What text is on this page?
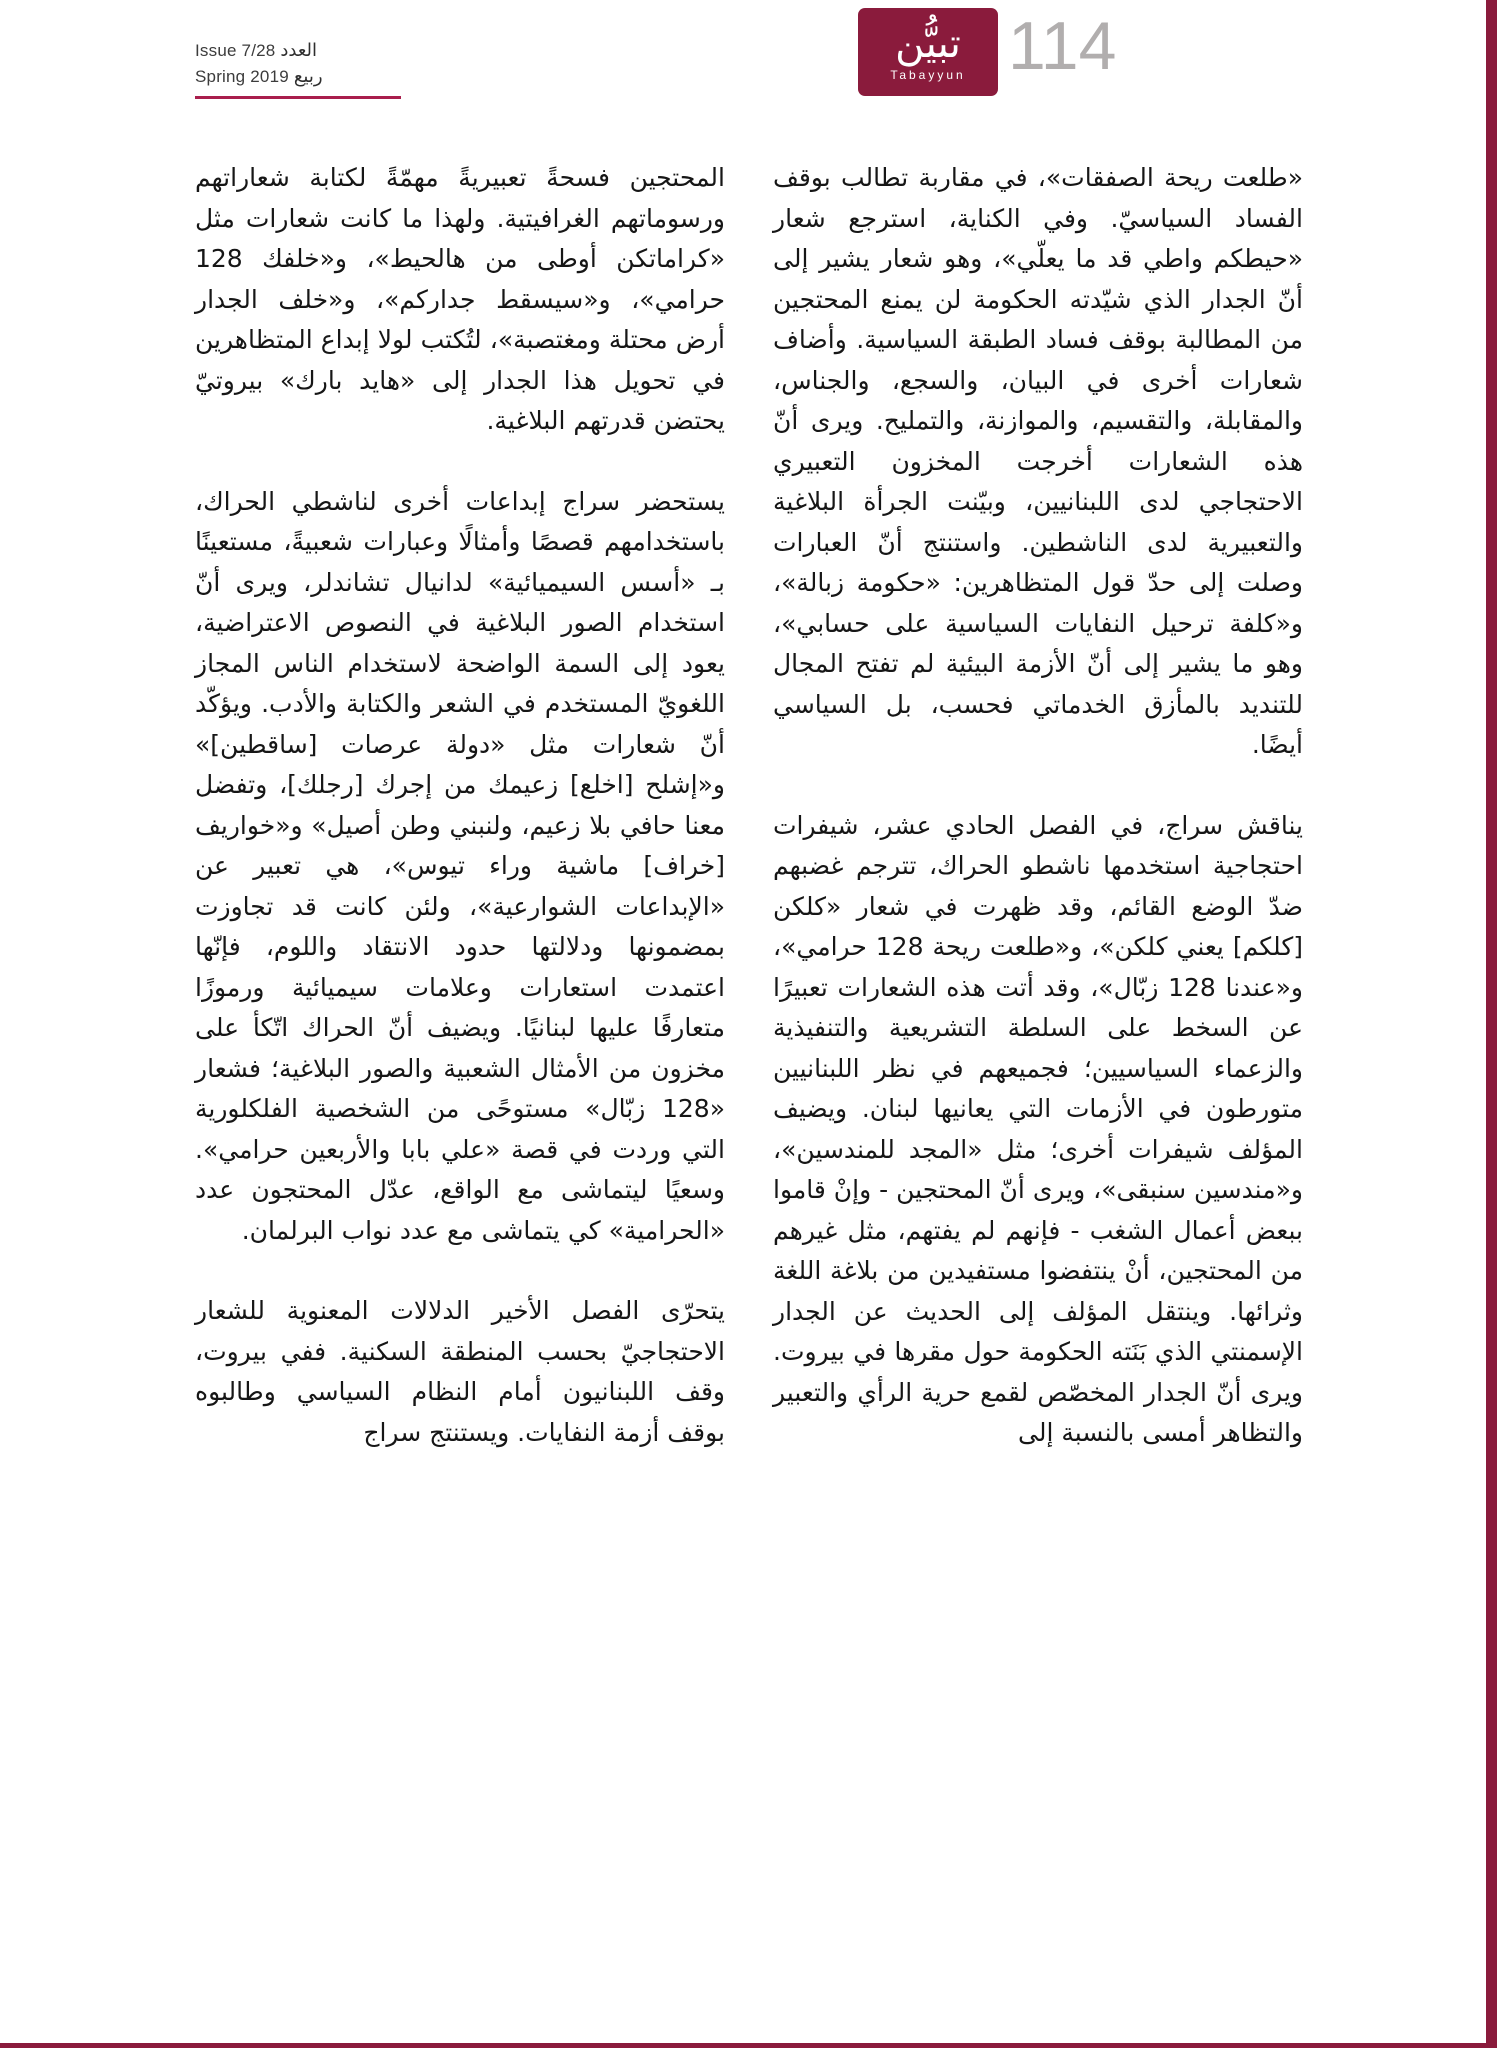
Issue 7/28 العدد
Spring 2019 ربيع
تبيُّن
Tabayyun 114

«طلعت ريحة الصفقات»، في مقاربة تطالب بوقف الفساد السياسيّ. وفي الكناية، استرجع شعار «حيطكم واطي قد ما يعلّي»، وهو شعار يشير إلى أنّ الجدار الذي شيّدته الحكومة لن يمنع المحتجين من المطالبة بوقف فساد الطبقة السياسية. وأضاف شعارات أخرى في البيان، والسجع، والجناس، والمقابلة، والتقسيم، والموازنة، والتمليح. ويرى أنّ هذه الشعارات أخرجت المخزون التعبيري الاحتجاجي لدى اللبنانيين، وبيّنت الجرأة البلاغية والتعبيرية لدى الناشطين. واستنتج أنّ العبارات وصلت إلى حدّ قول المتظاهرين: «حكومة زبالة»، و«كلفة ترحيل النفايات السياسية على حسابي»، وهو ما يشير إلى أنّ الأزمة البيئية لم تفتح المجال للتنديد بالمأزق الخدماتي فحسب، بل السياسي أيضًا.

يناقش سراج، في الفصل الحادي عشر، شيفرات احتجاجية استخدمها ناشطو الحراك، تترجم غضبهم ضدّ الوضع القائم، وقد ظهرت في شعار «كلكن [كلكم] يعني كلكن»، و«طلعت ريحة 128 حرامي»، و«عندنا 128 زبّال»، وقد أتت هذه الشعارات تعبيرًا عن السخط على السلطة التشريعية والتنفيذية والزعماء السياسيين؛ فجميعهم في نظر اللبنانيين متورطون في الأزمات التي يعانيها لبنان. ويضيف المؤلف شيفرات أخرى؛ مثل «المجد للمندسين»، و«مندسين سنبقى»، ويرى أنّ المحتجين - وإنْ قاموا ببعض أعمال الشغب - فإنهم لم يفتهم، مثل غيرهم من المحتجين، أنْ ينتفضوا مستفيدين من بلاغة اللغة وثرائها. وينتقل المؤلف إلى الحديث عن الجدار الإسمنتي الذي بَنَته الحكومة حول مقرها في بيروت. ويرى أنّ الجدار المخصّص لقمع حرية الرأي والتعبير والتظاهر أمسى بالنسبة إلى

المحتجين فسحةً تعبيريةً مهمّةً لكتابة شعاراتهم ورسوماتهم الغرافيتية. ولهذا ما كانت شعارات مثل «كراماتكن أوطى من هالحيط»، و«خلفك 128 حرامي»، و«سيسقط جداركم»، و«خلف الجدار أرض محتلة ومغتصبة»، لتُكتب لولا إبداع المتظاهرين في تحويل هذا الجدار إلى «هايد بارك» بيروتيّ يحتضن قدرتهم البلاغية.

يستحضر سراج إبداعات أخرى لناشطي الحراك، باستخدامهم قصصًا وأمثالًا وعبارات شعبيةً، مستعينًا بـ «أسس السيميائية» لدانيال تشاندلر، ويرى أنّ استخدام الصور البلاغية في النصوص الاعتراضية، يعود إلى السمة الواضحة لاستخدام الناس المجاز اللغويّ المستخدم في الشعر والكتابة والأدب. ويؤكّد أنّ شعارات مثل «دولة عرصات [ساقطين]» و«إشلح [اخلع] زعيمك من إجرك [رجلك]، وتفضل معنا حافي بلا زعيم، ولنبني وطن أصيل» و«خواريف [خراف] ماشية وراء تيوس»، هي تعبير عن «الإبداعات الشوارعية»، ولئن كانت قد تجاوزت بمضمونها ودلالتها حدود الانتقاد واللوم، فإنّها اعتمدت استعارات وعلامات سيميائية ورموزًا متعارفًا عليها لبنانيًا. ويضيف أنّ الحراك اتّكأ على مخزون من الأمثال الشعبية والصور البلاغية؛ فشعار «128 زبّال» مستوحًى من الشخصية الفلكلورية التي وردت في قصة «علي بابا والأربعين حرامي». وسعيًا ليتماشى مع الواقع، عدّل المحتجون عدد «الحرامية» كي يتماشى مع عدد نواب البرلمان.

يتحرّى الفصل الأخير الدلالات المعنوية للشعار الاحتجاجيّ بحسب المنطقة السكنية. ففي بيروت، وقف اللبنانيون أمام النظام السياسي وطالبوه بوقف أزمة النفايات. ويستنتج سراج
